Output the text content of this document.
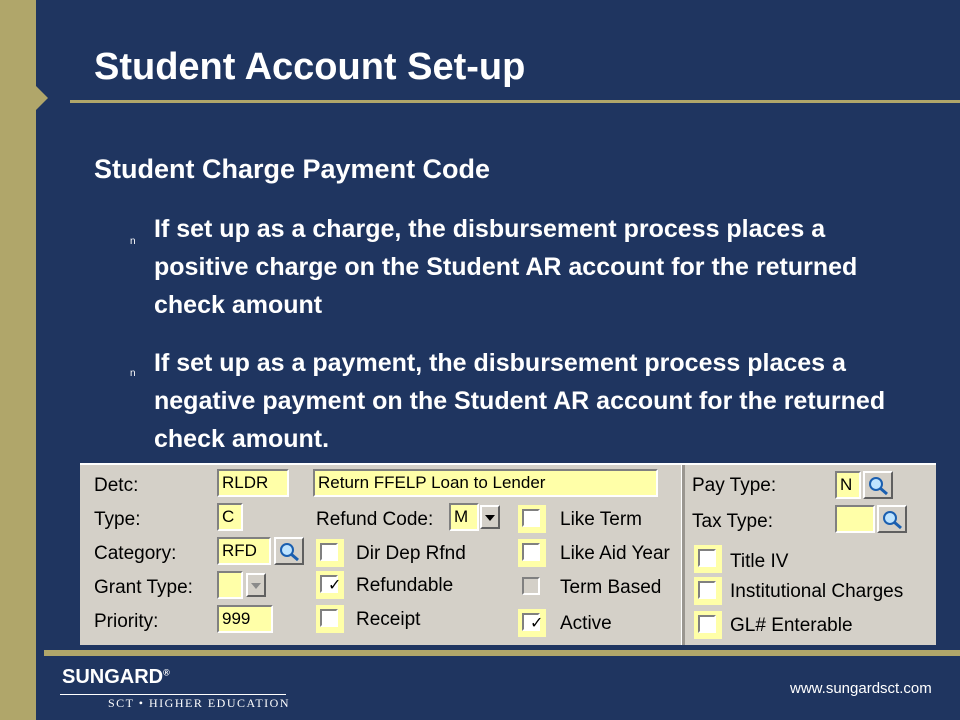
Student Account Set-up
Student Charge Payment Code
n If set up as a charge, the disbursement process places a positive charge on the Student AR account for the returned check amount
n If set up as a payment, the disbursement process places a negative payment on the Student AR account for the returned check amount.
Detc:
Type:
Category:
Grant Type:
Priority:
RLDR
C
RFD
999
Return FFELP Loan to Lender
Refund Code: M
Dir Dep Rfnd
✓ Refundable
Receipt
Like Term
Like Aid Year
Term Based
✓ Active
Pay Type:	N
Tax Type:
Title IV
Institutional Charges
GL# Enterable
SUNGARD®
SCT • HIGHER EDUCATION
www.sungardsct.com
